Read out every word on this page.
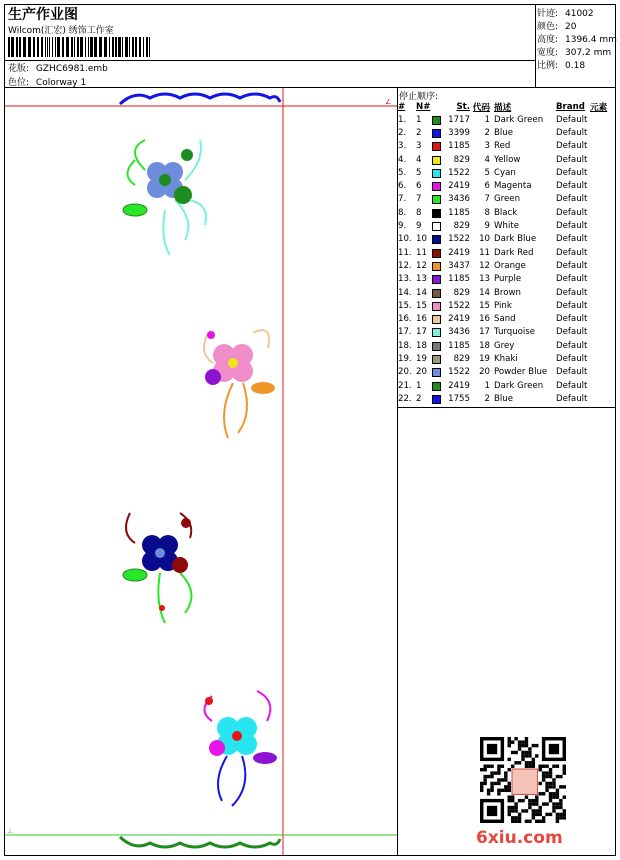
生产作业图
Wilcom(汇宏) 绣饰工作室
花版: GZHC6981.emb
色位: Colorway 1
针迹: 41002
颜色: 20
高度: 1396.4 mm
宽度: 307.2 mm
比例: 0.18
∠
⊥
停止顺序:
#	N#	St.	代码	描述	Brand	元素
1.	1	1717	1	Dark Green	Default	
2.	2	3399	2	Blue	Default	
3.	3	1185	3	Red	Default	
4.	4	829	4	Yellow	Default	
5.	5	1522	5	Cyan	Default	
6.	6	2419	6	Magenta	Default	
7.	7	3436	7	Green	Default	
8.	8	1185	8	Black	Default	
9.	9	829	9	White	Default	
10.	10	1522	10	Dark Blue	Default	
11.	11	2419	11	Dark Red	Default	
12.	12	3437	12	Orange	Default	
13.	13	1185	13	Purple	Default	
14.	14	829	14	Brown	Default	
15.	15	1522	15	Pink	Default	
16.	16	2419	16	Sand	Default	
17.	17	3436	17	Turquoise	Default	
18.	18	1185	18	Grey	Default	
19.	19	829	19	Khaki	Default	
20.	20	1522	20	Powder Blue	Default	
21.	1	2419	1	Dark Green	Default	
22.	2	1755	2	Blue	Default	
6xiu.com
